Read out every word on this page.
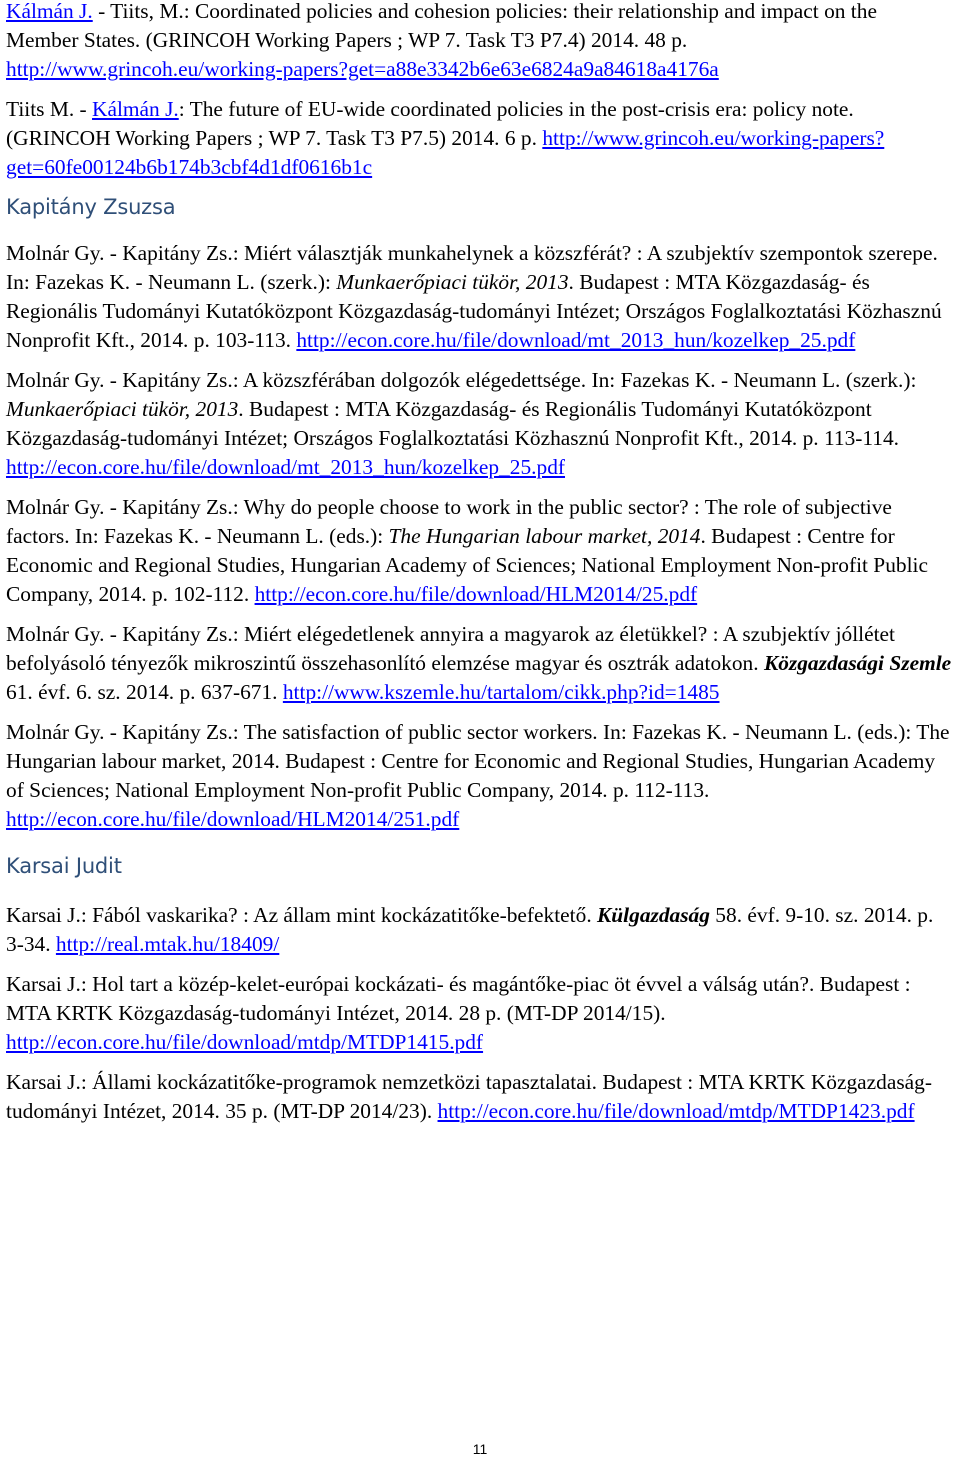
Kálmán J. - Tiits, M.: Coordinated policies and cohesion policies: their relationship and impact on the Member States. (GRINCOH Working Papers ; WP 7. Task T3 P7.4) 2014. 48 p. http://www.grincoh.eu/working-papers?get=a88e3342b6e63e6824a9a84618a4176a
Tiits M. - Kálmán J.: The future of EU-wide coordinated policies in the post-crisis era: policy note. (GRINCOH Working Papers ; WP 7. Task T3 P7.5) 2014. 6 p. http://www.grincoh.eu/working-papers?get=60fe00124b6b174b3cbf4d1df0616b1c
Kapitány Zsuzsa
Molnár Gy. - Kapitány Zs.: Miért választják munkahelynek a közszférát? : A szubjektív szempontok szerepe. In: Fazekas K. - Neumann L. (szerk.): Munkaerőpiaci tükör, 2013. Budapest : MTA Közgazdaság- és Regionális Tudományi Kutatóközpont Közgazdaság-tudományi Intézet; Országos Foglalkoztatási Közhasznú Nonprofit Kft., 2014. p. 103-113. http://econ.core.hu/file/download/mt_2013_hun/kozelkep_25.pdf
Molnár Gy. - Kapitány Zs.: A közszférában dolgozók elégedettsége. In: Fazekas K. - Neumann L. (szerk.): Munkaerőpiaci tükör, 2013. Budapest : MTA Közgazdaság- és Regionális Tudományi Kutatóközpont Közgazdaság-tudományi Intézet; Országos Foglalkoztatási Közhasznú Nonprofit Kft., 2014. p. 113-114. http://econ.core.hu/file/download/mt_2013_hun/kozelkep_25.pdf
Molnár Gy. - Kapitány Zs.: Why do people choose to work in the public sector? : The role of subjective factors. In: Fazekas K. - Neumann L. (eds.): The Hungarian labour market, 2014. Budapest : Centre for Economic and Regional Studies, Hungarian Academy of Sciences; National Employment Non-profit Public Company, 2014. p. 102-112. http://econ.core.hu/file/download/HLM2014/25.pdf
Molnár Gy. - Kapitány Zs.: Miért elégedetlenek annyira a magyarok az életükkel? : A szubjektív jóllétet befolyásoló tényezők mikroszintű összehasonlító elemzése magyar és osztrák adatokon. Közgazdasági Szemle 61. évf. 6. sz. 2014. p. 637-671. http://www.kszemle.hu/tartalom/cikk.php?id=1485
Molnár Gy. - Kapitány Zs.: The satisfaction of public sector workers. In: Fazekas K. - Neumann L. (eds.): The Hungarian labour market, 2014. Budapest : Centre for Economic and Regional Studies, Hungarian Academy of Sciences; National Employment Non-profit Public Company, 2014. p. 112-113. http://econ.core.hu/file/download/HLM2014/251.pdf
Karsai Judit
Karsai J.: Fából vaskarika? : Az állam mint kockázatitőke-befektető. Külgazdaság 58. évf. 9-10. sz. 2014. p. 3-34. http://real.mtak.hu/18409/
Karsai J.: Hol tart a közép-kelet-európai kockázati- és magántőke-piac öt évvel a válság után?. Budapest : MTA KRTK Közgazdaság-tudományi Intézet, 2014. 28 p. (MT-DP 2014/15). http://econ.core.hu/file/download/mtdp/MTDP1415.pdf
Karsai J.: Állami kockázatitőke-programok nemzetközi tapasztalatai. Budapest : MTA KRTK Közgazdaság-tudományi Intézet, 2014. 35 p. (MT-DP 2014/23). http://econ.core.hu/file/download/mtdp/MTDP1423.pdf
11
